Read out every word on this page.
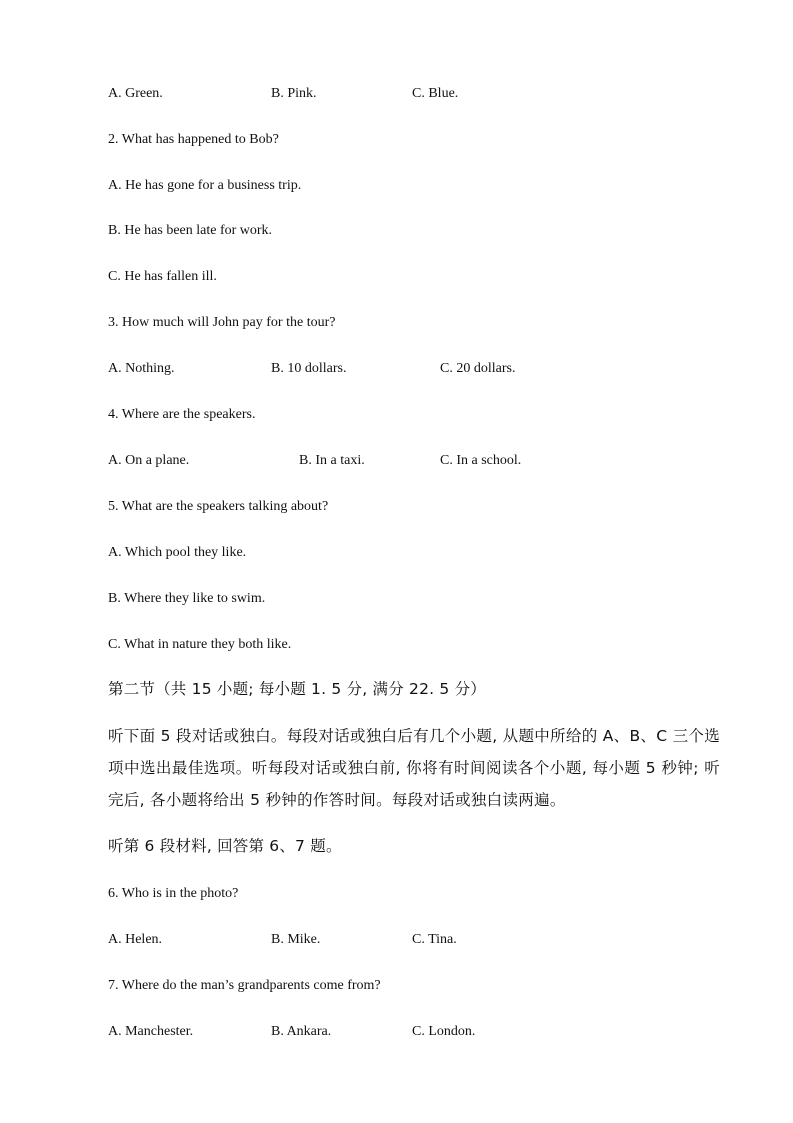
A. Green.	B. Pink.	C. Blue.
2. What has happened to Bob?
A. He has gone for a business trip.
B. He has been late for work.
C. He has fallen ill.
3. How much will John pay for the tour?
A. Nothing.	B. 10 dollars.	C. 20 dollars.
4. Where are the speakers.
A. On a plane.	B. In a taxi.	C. In a school.
5. What are the speakers talking about?
A. Which pool they like.
B. Where they like to swim.
C. What in nature they both like.
第二节（共 15 小题; 每小题 1. 5 分, 满分 22. 5 分）
听下面 5 段对话或独白。每段对话或独白后有几个小题, 从题中所给的 A、B、C 三个选项中选出最佳选项。听每段对话或独白前, 你将有时间阅读各个小题, 每小题 5 秒钟; 听完后, 各小题将给出 5 秒钟的作答时间。每段对话或独白读两遍。
听第 6 段材料, 回答第 6、7 题。
6. Who is in the photo?
A. Helen.	B. Mike.	C. Tina.
7. Where do the man’s grandparents come from?
A. Manchester.	B. Ankara.	C. London.
